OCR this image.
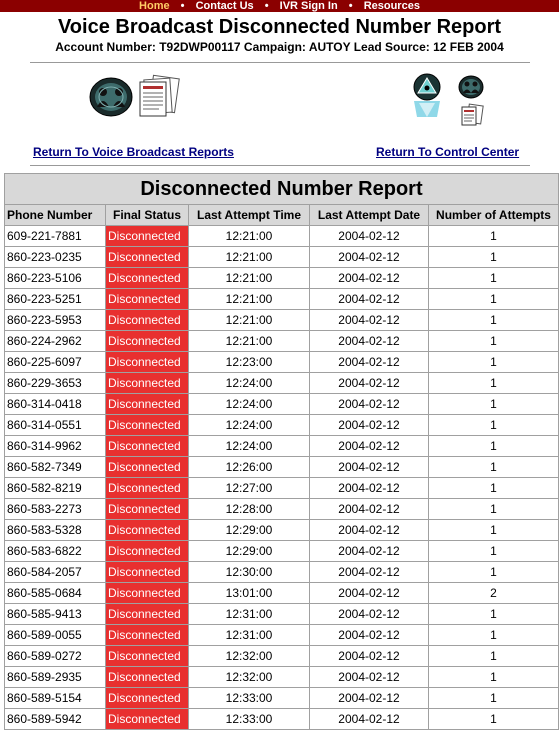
Home • Contact Us • IVR Sign In • Resources
Voice Broadcast Disconnected Number Report
Account Number: T92DWP00117 Campaign: AUTOY Lead Source: 12 FEB 2004
Return To Voice Broadcast Reports	Return To Control Center
Disconnected Number Report				
Phone Number	Final Status	Last Attempt Time	Last Attempt Date	Number of Attempts
609-221-7881	Disconnected	12:21:00	2004-02-12	1
860-223-0235	Disconnected	12:21:00	2004-02-12	1
860-223-5106	Disconnected	12:21:00	2004-02-12	1
860-223-5251	Disconnected	12:21:00	2004-02-12	1
860-223-5953	Disconnected	12:21:00	2004-02-12	1
860-224-2962	Disconnected	12:21:00	2004-02-12	1
860-225-6097	Disconnected	12:23:00	2004-02-12	1
860-229-3653	Disconnected	12:24:00	2004-02-12	1
860-314-0418	Disconnected	12:24:00	2004-02-12	1
860-314-0551	Disconnected	12:24:00	2004-02-12	1
860-314-9962	Disconnected	12:24:00	2004-02-12	1
860-582-7349	Disconnected	12:26:00	2004-02-12	1
860-582-8219	Disconnected	12:27:00	2004-02-12	1
860-583-2273	Disconnected	12:28:00	2004-02-12	1
860-583-5328	Disconnected	12:29:00	2004-02-12	1
860-583-6822	Disconnected	12:29:00	2004-02-12	1
860-584-2057	Disconnected	12:30:00	2004-02-12	1
860-585-0684	Disconnected	13:01:00	2004-02-12	2
860-585-9413	Disconnected	12:31:00	2004-02-12	1
860-589-0055	Disconnected	12:31:00	2004-02-12	1
860-589-0272	Disconnected	12:32:00	2004-02-12	1
860-589-2935	Disconnected	12:32:00	2004-02-12	1
860-589-5154	Disconnected	12:33:00	2004-02-12	1
860-589-5942	Disconnected	12:33:00	2004-02-12	1
